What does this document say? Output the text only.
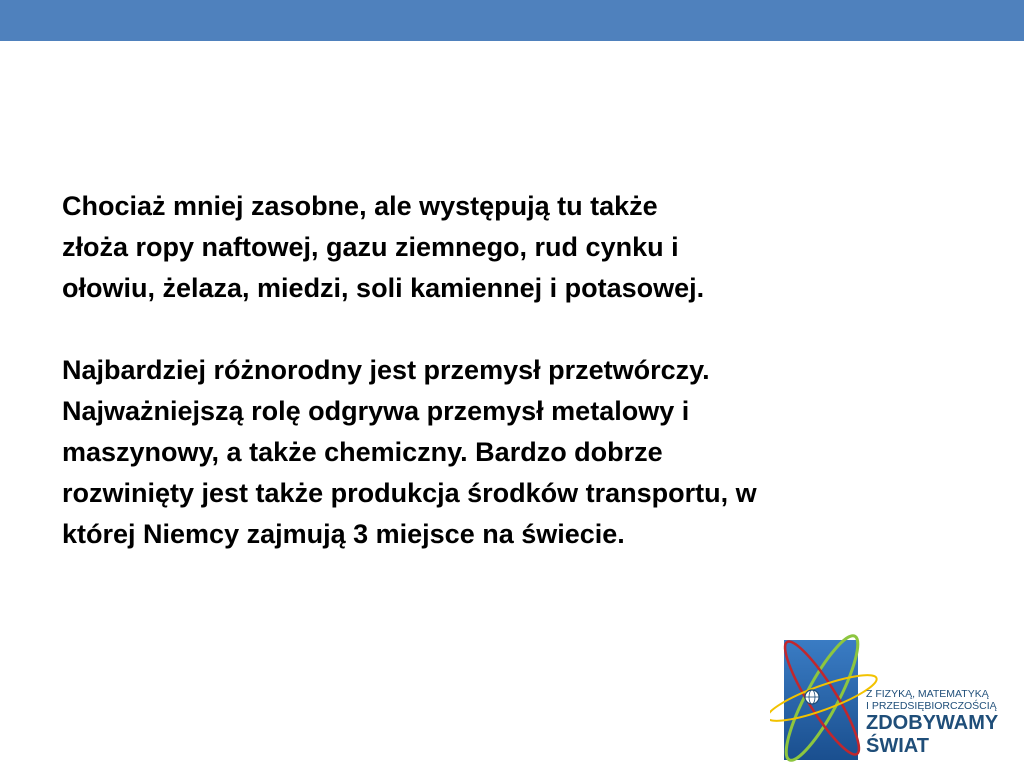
Chociaż mniej zasobne, ale występują tu także
złoża ropy naftowej, gazu ziemnego, rud cynku i
ołowiu, żelaza, miedzi, soli kamiennej i potasowej.

Najbardziej różnorodny jest przemysł przetwórczy.
Najważniejszą rolę odgrywa przemysł metalowy i
maszynowy, a także chemiczny. Bardzo dobrze
rozwinięty jest także produkcja środków transportu, w
której Niemcy zajmują 3 miejsce na świecie.

Z FIZYKĄ, MATEMATYKĄ
I PRZEDSIĘBIORCZOŚCIĄ
ZDOBYWAMY
ŚWIAT
